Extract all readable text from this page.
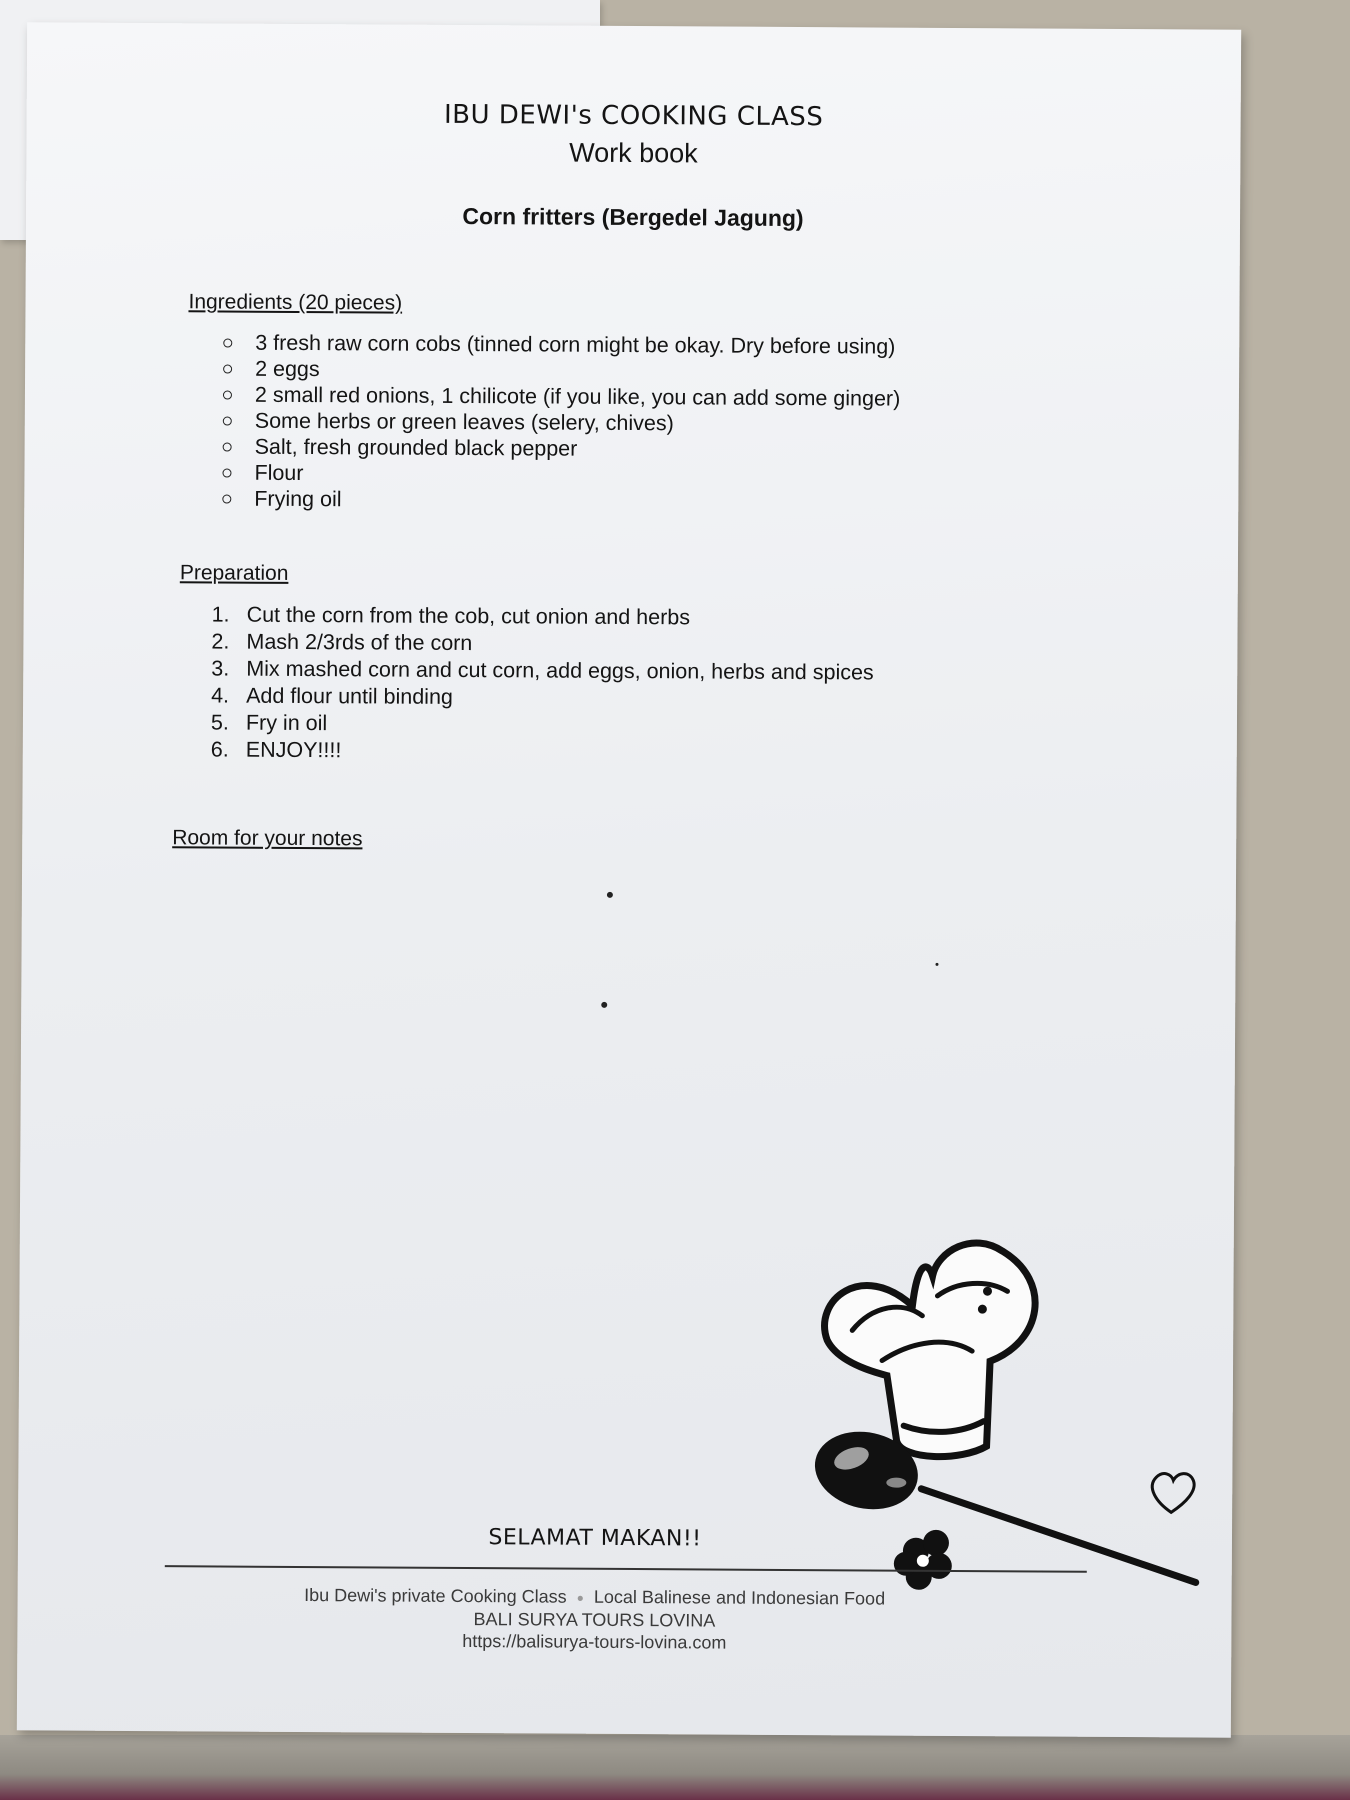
IBU DEWI's COOKING CLASS
Work book
Corn fritters (Bergedel Jagung)
Ingredients (20 pieces)
3 fresh raw corn cobs (tinned corn might be okay. Dry before using)
2 eggs
2 small red onions, 1 chilicote (if you like, you can add some ginger)
Some herbs or green leaves (selery, chives)
Salt, fresh grounded black pepper
Flour
Frying oil
Preparation
1. Cut the corn from the cob, cut onion and herbs
2. Mash 2/3rds of the corn
3. Mix mashed corn and cut corn, add eggs, onion, herbs and spices
4. Add flour until binding
5. Fry in oil
6. ENJOY!!!!
Room for your notes
SELAMAT MAKAN!!
Ibu Dewi's private Cooking Class ● Local Balinese and Indonesian Food
BALI SURYA TOURS LOVINA
https://balisurya-tours-lovina.com
